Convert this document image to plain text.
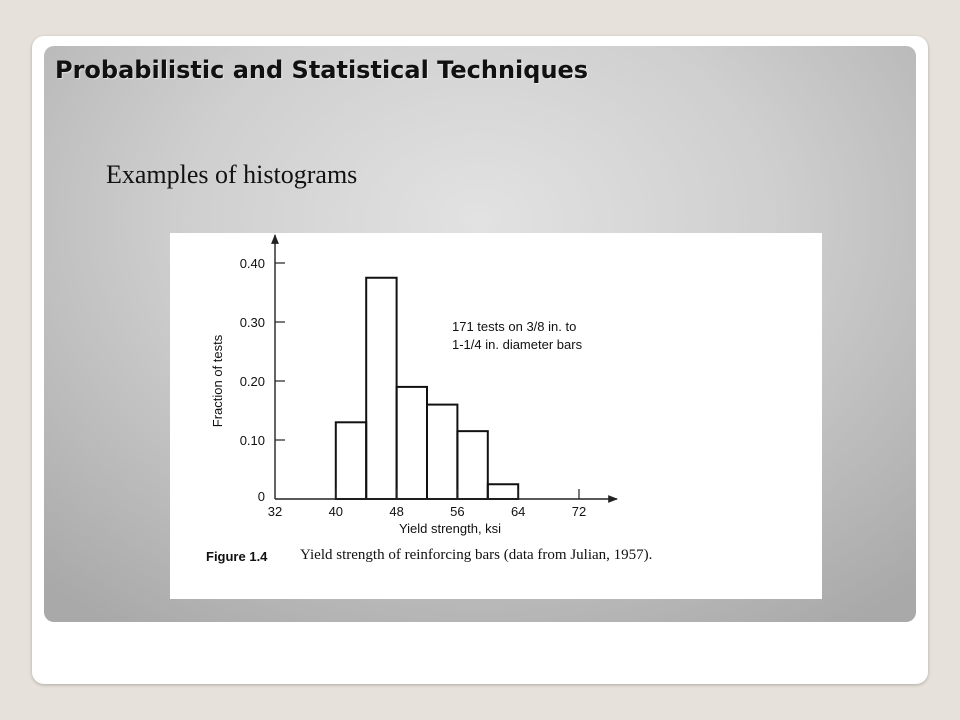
Probabilistic and Statistical Techniques

Examples of histograms

0
0.10
0.20
0.30
0.40
32	40	48	56	64	72
Yield strength, ksi
Fraction of tests
171 tests on 3/8 in. to
1-1/4 in. diameter bars
Figure 1.4 Yield strength of reinforcing bars (data from Julian, 1957).
